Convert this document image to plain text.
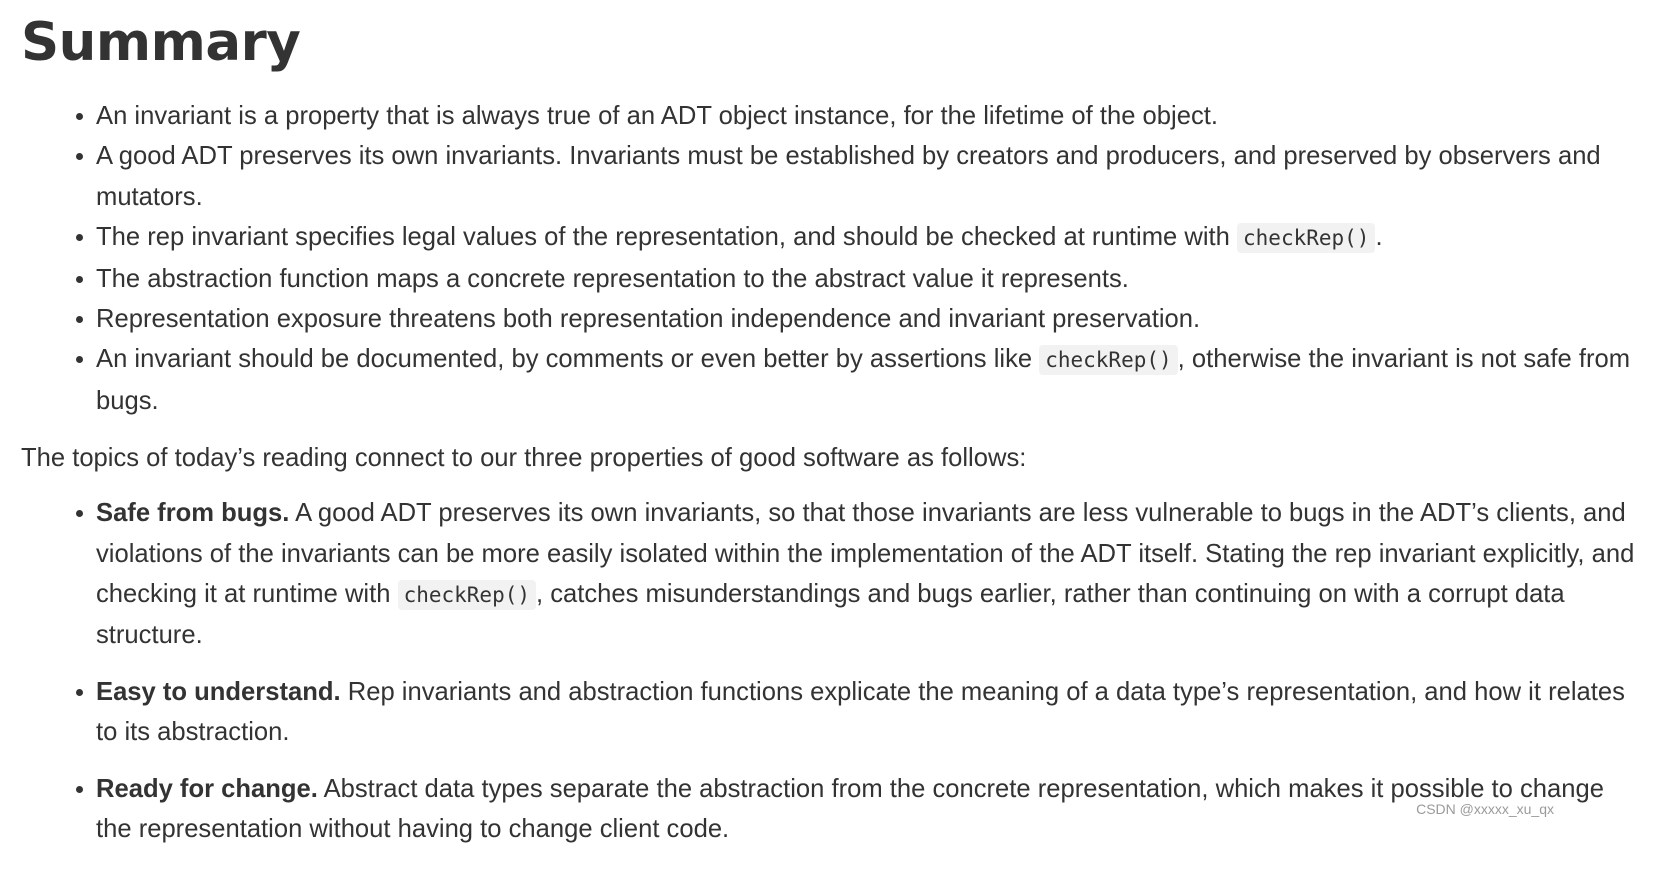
Summary
An invariant is a property that is always true of an ADT object instance, for the lifetime of the object.
A good ADT preserves its own invariants. Invariants must be established by creators and producers, and preserved by observers and mutators.
The rep invariant specifies legal values of the representation, and should be checked at runtime with checkRep() .
The abstraction function maps a concrete representation to the abstract value it represents.
Representation exposure threatens both representation independence and invariant preservation.
An invariant should be documented, by comments or even better by assertions like checkRep() , otherwise the invariant is not safe from bugs.

The topics of today’s reading connect to our three properties of good software as follows:

Safe from bugs. A good ADT preserves its own invariants, so that those invariants are less vulnerable to bugs in the ADT’s clients, and violations of the invariants can be more easily isolated within the implementation of the ADT itself. Stating the rep invariant explicitly, and checking it at runtime with checkRep() , catches misunderstandings and bugs earlier, rather than continuing on with a corrupt data structure.
Easy to understand. Rep invariants and abstraction functions explicate the meaning of a data type’s representation, and how it relates to its abstraction.
Ready for change. Abstract data types separate the abstraction from the concrete representation, which makes it possible to change the representation without having to change client code.
CSDN @xxxxx_xu_qx
